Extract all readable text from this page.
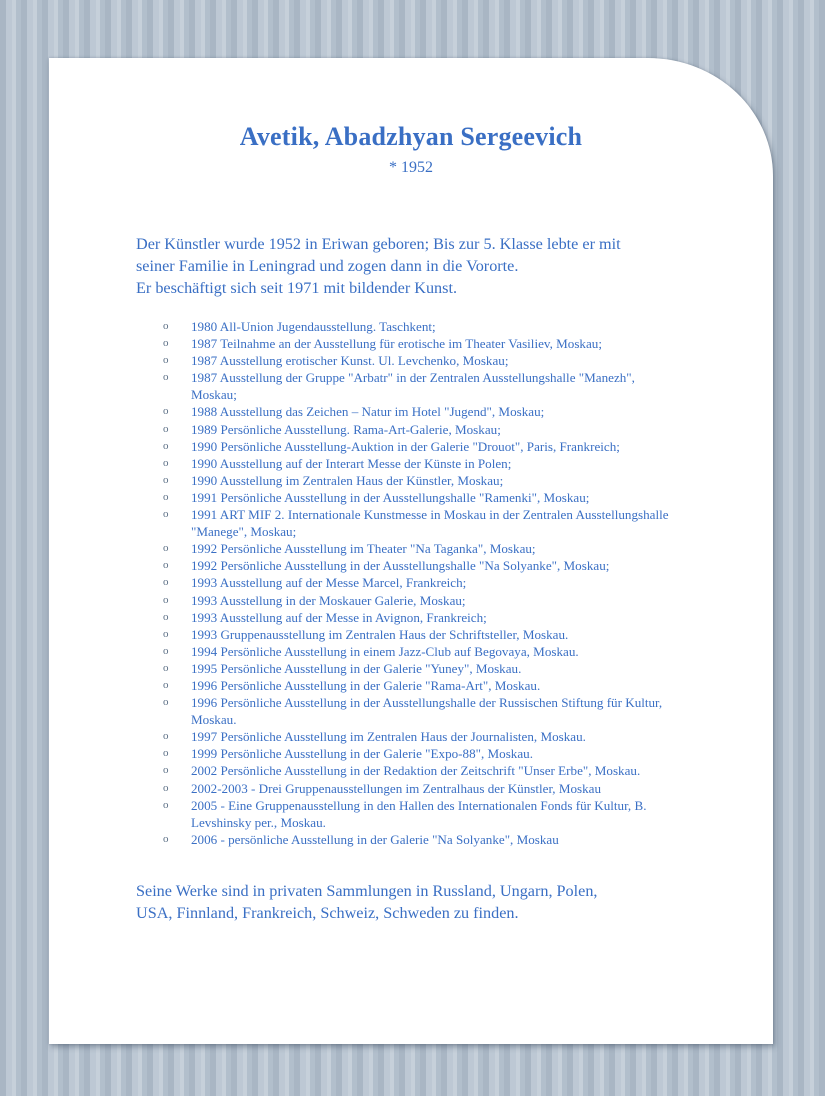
Avetik, Abadzhyan Sergeevich
* 1952

Der Künstler wurde 1952 in Eriwan geboren; Bis zur 5. Klasse lebte er mit
seiner Familie in Leningrad und zogen dann in die Vororte.
Er beschäftigt sich seit 1971 mit bildender Kunst.

o 1980 All-Union Jugendausstellung. Taschkent;
o 1987 Teilnahme an der Ausstellung für erotische im Theater Vasiliev, Moskau;
o 1987 Ausstellung erotischer Kunst. Ul. Levchenko, Moskau;
o 1987 Ausstellung der Gruppe "Arbatr" in der Zentralen Ausstellungshalle "Manezh", Moskau;
o 1988 Ausstellung das Zeichen – Natur im Hotel "Jugend", Moskau;
o 1989 Persönliche Ausstellung. Rama-Art-Galerie, Moskau;
o 1990 Persönliche Ausstellung-Auktion in der Galerie "Drouot", Paris, Frankreich;
o 1990 Ausstellung auf der Interart Messe der Künste in Polen;
o 1990 Ausstellung im Zentralen Haus der Künstler, Moskau;
o 1991 Persönliche Ausstellung in der Ausstellungshalle "Ramenki", Moskau;
o 1991 ART MIF 2. Internationale Kunstmesse in Moskau in der Zentralen Ausstellungshalle "Manege", Moskau;
o 1992 Persönliche Ausstellung im Theater "Na Taganka", Moskau;
o 1992 Persönliche Ausstellung in der Ausstellungshalle "Na Solyanke", Moskau;
o 1993 Ausstellung auf der Messe Marcel, Frankreich;
o 1993 Ausstellung in der Moskauer Galerie, Moskau;
o 1993 Ausstellung auf der Messe in Avignon, Frankreich;
o 1993 Gruppenausstellung im Zentralen Haus der Schriftsteller, Moskau.
o 1994 Persönliche Ausstellung in einem Jazz-Club auf Begovaya, Moskau.
o 1995 Persönliche Ausstellung in der Galerie "Yuney", Moskau.
o 1996 Persönliche Ausstellung in der Galerie "Rama-Art", Moskau.
o 1996 Persönliche Ausstellung in der Ausstellungshalle der Russischen Stiftung für Kultur, Moskau.
o 1997 Persönliche Ausstellung im Zentralen Haus der Journalisten, Moskau.
o 1999 Persönliche Ausstellung in der Galerie "Expo-88", Moskau.
o 2002 Persönliche Ausstellung in der Redaktion der Zeitschrift "Unser Erbe", Moskau.
o 2002-2003 - Drei Gruppenausstellungen im Zentralhaus der Künstler, Moskau
o 2005 - Eine Gruppenausstellung in den Hallen des Internationalen Fonds für Kultur, B. Levshinsky per., Moskau.
o 2006 - persönliche Ausstellung in der Galerie "Na Solyanke", Moskau

Seine Werke sind in privaten Sammlungen in Russland, Ungarn, Polen,
USA, Finnland, Frankreich, Schweiz, Schweden zu finden.
